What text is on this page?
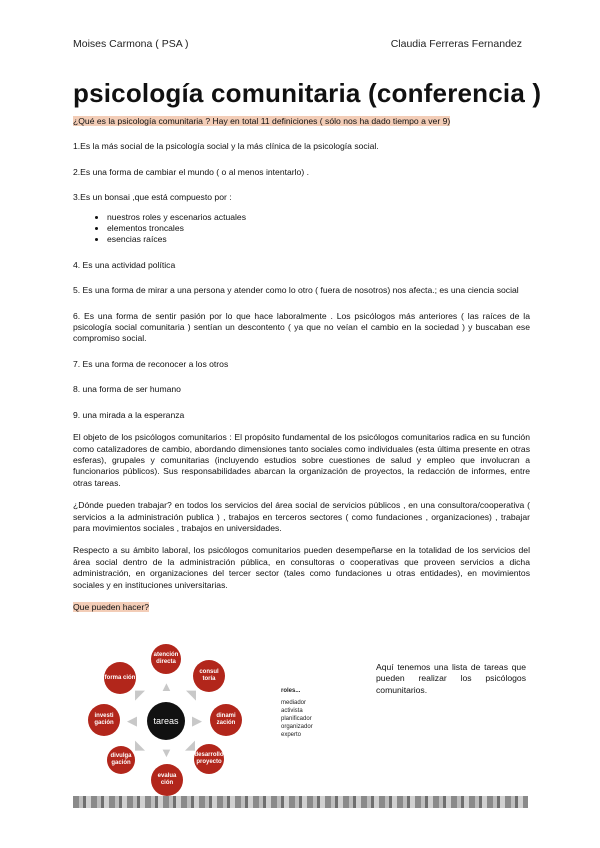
Moises Carmona ( PSA )	Claudia Ferreras Fernandez
psicología comunitaria (conferencia )

¿Qué es la psicología comunitaria ? Hay en total 11 definiciones ( sólo nos ha dado tiempo a ver 9)

1.Es la más social de la psicología social y la más clínica de la psicología social.

2.Es una forma de cambiar el mundo ( o al menos intentarlo) .

3.Es un bonsai ,que está compuesto por :

• nuestros roles y escenarios actuales
• elementos troncales
• esencias raíces

4. Es una actividad política

5. Es una forma de mirar a una persona y atender como lo otro ( fuera de nosotros) nos afecta.; es una ciencia social

6. Es una forma de sentir pasión por lo que hace laboralmente . Los psicólogos más anteriores ( las raíces de la psicología social comunitaria ) sentían un descontento ( ya que no veían el cambio en la sociedad ) y buscaban ese compromiso social.

7. Es una forma de reconocer a los otros

8. una forma de ser humano

9. una mirada a la esperanza

El objeto de los psicólogos comunitarios : El propósito fundamental de los psicólogos comunitarios radica en su función como catalizadores de cambio, abordando dimensiones tanto sociales como individuales (esta última presente en otras esferas), grupales y comunitarias (incluyendo estudios sobre cuestiones de salud y empleo que involucran a funcionarios públicos). Sus responsabilidades abarcan la organización de proyectos, la redacción de informes, entre otras tareas.

¿Dónde pueden trabajar? en todos los servicios del área social de servicios públicos , en una consultora/cooperativa ( servicios a la administración publica ) , trabajos en terceros sectores ( como fundaciones , organizaciones) , trabajar para movimientos sociales , trabajos en universidades.

Respecto a su ámbito laboral, los psicólogos comunitarios pueden desempeñarse en la totalidad de los servicios del área social dentro de la administración pública, en consultoras o cooperativas que proveen servicios a dicha administración, en organizaciones del tercer sector (tales como fundaciones u otras entidades), en movimientos sociales y en instituciones universitarias.

Que pueden hacer?

tareas
atención directa
consul toría
dinami zación
desarrollo proyecto
evalua ción
divulga gación
investi gación
forma ción
▲
◥
▶
◢
▼
◣
◀
◤	roles...
mediador
activista
planificador
organizador
experto

Aquí tenemos una lista de tareas que pueden realizar los psicólogos comunitarios.
